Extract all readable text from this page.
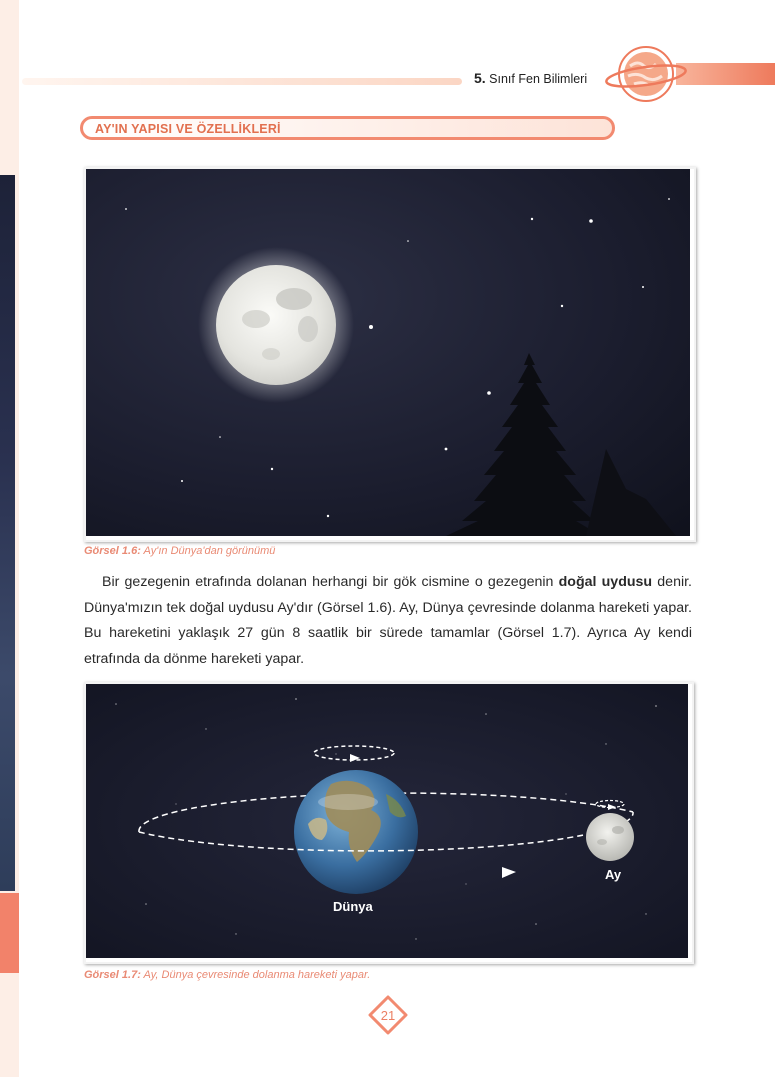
5. Sınıf Fen Bilimleri
AY'IN YAPISI VE ÖZELLİKLERİ
Görsel 1.6: Ay'ın Dünya'dan görünümü

Bir gezegenin etrafında dolanan herhangi bir gök cismine o gezegenin doğal uydusu denir. Dünya'mızın tek doğal uydusu Ay'dır (Görsel 1.6). Ay, Dünya çevresinde dolanma hareketi yapar. Bu hareketini yaklaşık 27 gün 8 saatlik bir sürede tamamlar (Görsel 1.7). Ayrıca Ay kendi etrafında da dönme hareketi yapar.

Dünya
Ay
Görsel 1.7: Ay, Dünya çevresinde dolanma hareketi yapar.
21
